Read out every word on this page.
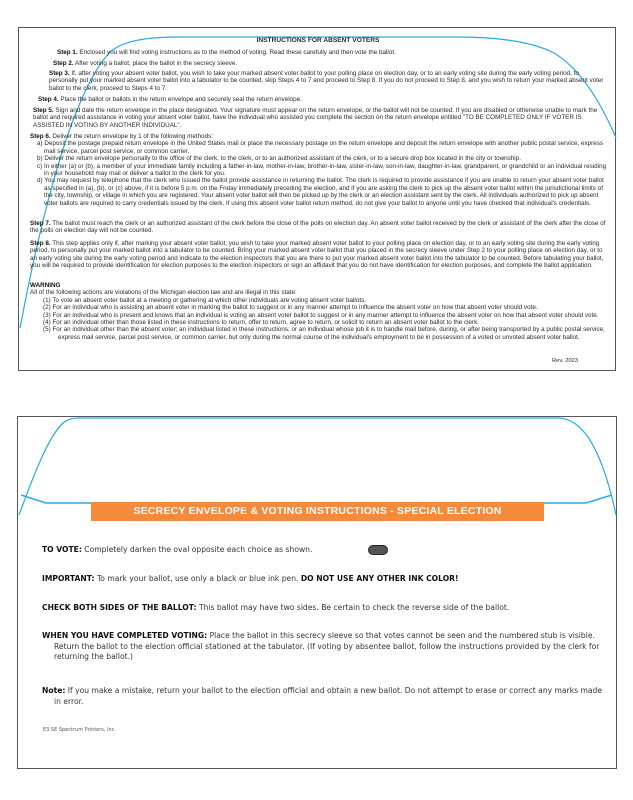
INSTRUCTIONS FOR ABSENT VOTERS
Step 1. Enclosed you will find voting instructions as to the method of voting. Read these carefully and then vote the ballot.
Step 2. After voting a ballot, place the ballot in the secrecy sleeve.
Step 3. If, after voting your absent voter ballot, you wish to take your marked absent voter ballot to your polling place on election day, or to an early voting site during the early voting period, to personally put your marked absent voter ballot into a tabulator to be counted, skip Steps 4 to 7 and proceed to Step 8. If you do not proceed to Step 8, and you wish to return your marked absent voter ballot to the clerk, proceed to Steps 4 to 7.
Step 4. Place the ballot or ballots in the return envelope and securely seal the return envelope.
Step 5. Sign and date the return envelope in the place designated. Your signature must appear on the return envelope, or the ballot will not be counted. If you are disabled or otherwise unable to mark the ballot and required assistance in voting your absent voter ballot, have the individual who assisted you complete the section on the return envelope entitled "TO BE COMPLETED ONLY IF VOTER IS ASSISTED IN VOTING BY ANOTHER INDIVIDUAL".
Step 6. Deliver the return envelope by 1 of the following methods:
a) Deposit the postage prepaid return envelope in the United States mail or place the necessary postage on the return envelope and deposit the return envelope with another public postal service, express mail service, parcel post service, or common carrier.
b) Deliver the return envelope personally to the office of the clerk, to the clerk, or to an authorized assistant of the clerk, or to a secure drop box located in the city or township.
c) In either (a) or (b), a member of your immediate family including a father-in-law, mother-in-law, brother-in-law, sister-in-law, son-in-law, daughter-in-law, grandparent, or grandchild or an individual residing in your household may mail or deliver a ballot to the clerk for you.
d) You may request by telephone that the clerk who issued the ballot provide assistance in returning the ballot. The clerk is required to provide assistance if you are unable to return your absent voter ballot as specified in (a), (b), or (c) above, if it is before 5 p.m. on the Friday immediately preceding the election, and if you are asking the clerk to pick up the absent voter ballot within the jurisdictional limits of the city, township, or village in which you are registered. Your absent voter ballot will then be picked up by the clerk or an election assistant sent by the clerk. All individuals authorized to pick up absent voter ballots are required to carry credentials issued by the clerk. If using this absent voter ballot return method, do not give your ballot to anyone until you have checked that individual's credentials.
Step 7. The ballot must reach the clerk or an authorized assistant of the clerk before the close of the polls on election day. An absent voter ballot received by the clerk or assistant of the clerk after the close of the polls on election day will not be counted.
Step 8. This step applies only if, after marking your absent voter ballot, you wish to take your marked absent voter ballot to your polling place on election day, or to an early voting site during the early voting period, to personally put your marked ballot into a tabulator to be counted. Bring your marked absent voter ballot that you placed in the secrecy sleeve under Step 2 to your polling place on election day, or to an early voting site during the early voting period and indicate to the election inspectors that you are there to put your marked absent voter ballot into the tabulator to be counted. Before tabulating your ballot, you will be required to provide identification for election purposes to the election inspectors or sign an affidavit that you do not have identification for election purposes, and complete the ballot application.
WARNING
All of the following actions are violations of the Michigan election law and are illegal in this state:
(1) To vote an absent voter ballot at a meeting or gathering at which other individuals are voting absent voter ballots.
(2) For an individual who is assisting an absent voter in marking the ballot to suggest or in any manner attempt to influence the absent voter on how that absent voter should vote.
(3) For an individual who is present and knows that an individual is voting an absent voter ballot to suggest or in any manner attempt to influence the absent voter on how that absent voter should vote.
(4) For an individual other than those listed in these instructions to return, offer to return, agree to return, or solicit to return an absent voter ballot to the clerk.
(5) For an individual other than the absent voter; an individual listed in these instructions; or an individual whose job it is to handle mail before, during, or after being transported by a public postal service, express mail service, parcel post service, or common carrier, but only during the normal course of the individual's employment to be in possession of a voted or unvoted absent voter ballot.
Rev. 2023
SECRECY ENVELOPE & VOTING INSTRUCTIONS - SPECIAL ELECTION
TO VOTE: Completely darken the oval opposite each choice as shown.
IMPORTANT: To mark your ballot, use only a black or blue ink pen. DO NOT USE ANY OTHER INK COLOR!
CHECK BOTH SIDES OF THE BALLOT: This ballot may have two sides. Be certain to check the reverse side of the ballot.
WHEN YOU HAVE COMPLETED VOTING: Place the ballot in this secrecy sleeve so that votes cannot be seen and the numbered stub is visible. Return the ballot to the election official stationed at the tabulator. (If voting by absentee ballot, follow the instructions provided by the clerk for returning the ballot.)
Note: If you make a mistake, return your ballot to the election official and obtain a new ballot. Do not attempt to erase or correct any marks made in error.
E3 SE Spectrum Printers, Inc.
